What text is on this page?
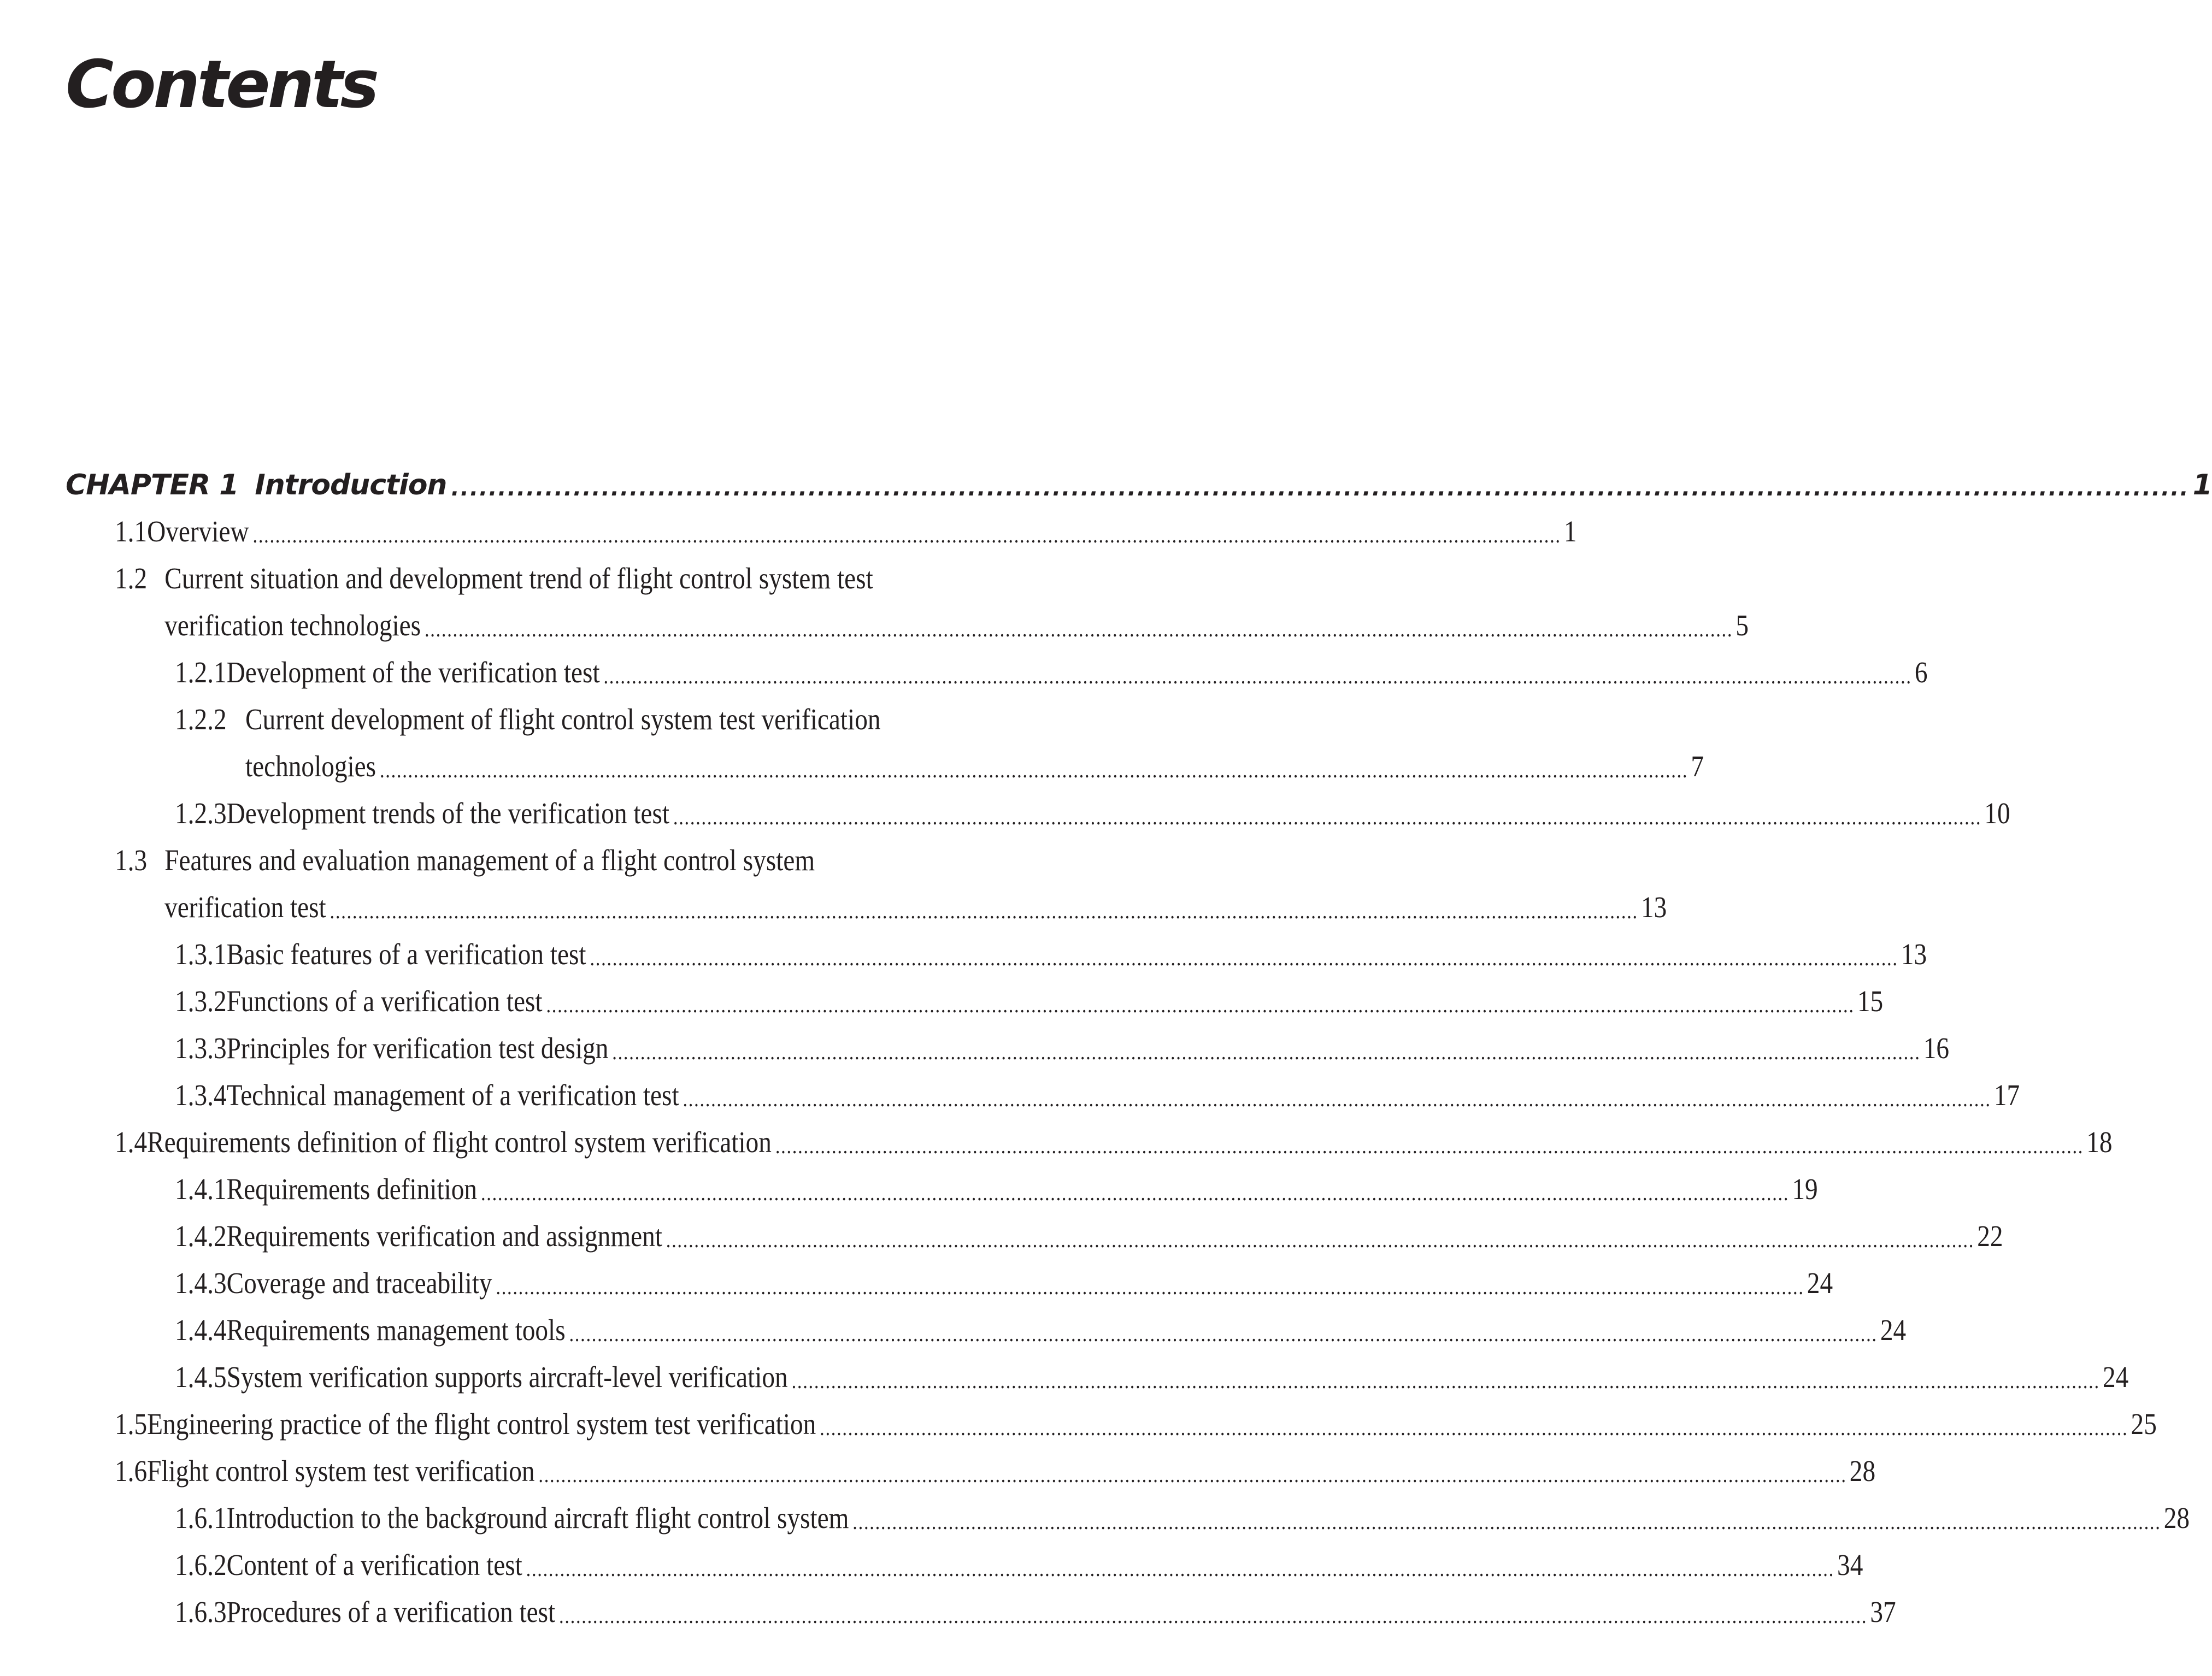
Contents
CHAPTER 1 Introduction ......................................................................................................................................................................................... 1
1.1 Overview ........................................................................................................................................................................................................................................ 1
1.2 Current situation and development trend of flight control system test
verification technologies ........................................................................................................................................................................................................................................ 5
1.2.1 Development of the verification test ........................................................................................................................................................................................................................................ 6
1.2.2 Current development of flight control system test verification
technologies ........................................................................................................................................................................................................................................ 7
1.2.3 Development trends of the verification test ........................................................................................................................................................................................................................................ 10
1.3 Features and evaluation management of a flight control system
verification test ........................................................................................................................................................................................................................................ 13
1.3.1 Basic features of a verification test ........................................................................................................................................................................................................................................ 13
1.3.2 Functions of a verification test ........................................................................................................................................................................................................................................ 15
1.3.3 Principles for verification test design ........................................................................................................................................................................................................................................ 16
1.3.4 Technical management of a verification test ........................................................................................................................................................................................................................................ 17
1.4 Requirements definition of flight control system verification ........................................................................................................................................................................................................................................ 18
1.4.1 Requirements definition ........................................................................................................................................................................................................................................ 19
1.4.2 Requirements verification and assignment ........................................................................................................................................................................................................................................ 22
1.4.3 Coverage and traceability ........................................................................................................................................................................................................................................ 24
1.4.4 Requirements management tools ........................................................................................................................................................................................................................................ 24
1.4.5 System verification supports aircraft-level verification ........................................................................................................................................................................................................................................ 24
1.5 Engineering practice of the flight control system test verification ........................................................................................................................................................................................................................................ 25
1.6 Flight control system test verification ........................................................................................................................................................................................................................................ 28
1.6.1 Introduction to the background aircraft flight control system ........................................................................................................................................................................................................................................ 28
1.6.2 Content of a verification test ........................................................................................................................................................................................................................................ 34
1.6.3 Procedures of a verification test ........................................................................................................................................................................................................................................ 37
